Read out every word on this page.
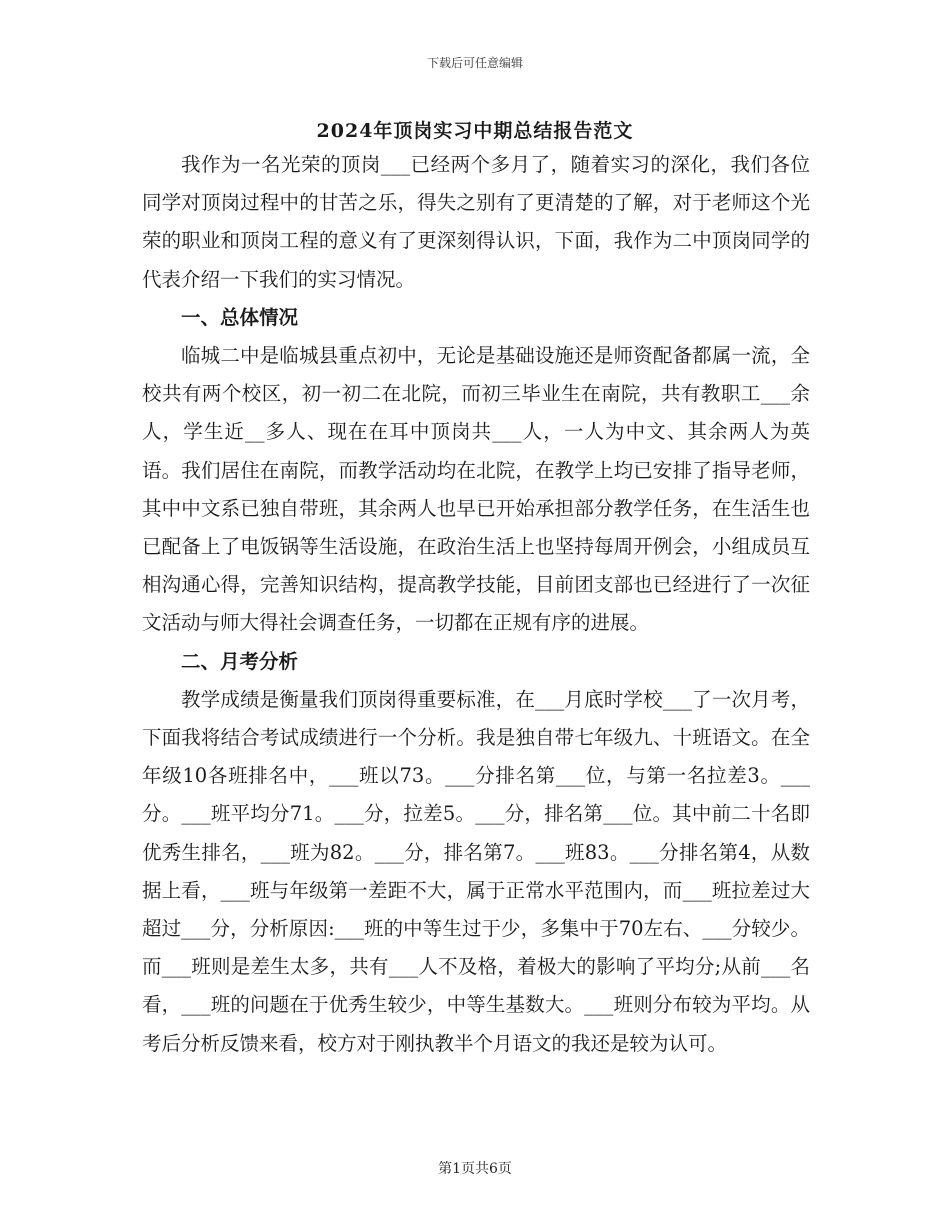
下载后可任意编辑
2024年顶岗实习中期总结报告范文

我作为一名光荣的顶岗___已经两个多月了，随着实习的深化，我们各位同学对顶岗过程中的甘苦之乐，得失之别有了更清楚的了解，对于老师这个光荣的职业和顶岗工程的意义有了更深刻得认识，下面，我作为二中顶岗同学的代表介绍一下我们的实习情况。

一、总体情况

临城二中是临城县重点初中，无论是基础设施还是师资配备都属一流，全校共有两个校区，初一初二在北院，而初三毕业生在南院，共有教职工___余人，学生近__多人、现在在耳中顶岗共___人，一人为中文、其余两人为英语。我们居住在南院，而教学活动均在北院，在教学上均已安排了指导老师，其中中文系已独自带班，其余两人也早已开始承担部分教学任务，在生活生也已配备上了电饭锅等生活设施，在政治生活上也坚持每周开例会，小组成员互相沟通心得，完善知识结构，提高教学技能，目前团支部也已经进行了一次征文活动与师大得社会调查任务，一切都在正规有序的进展。

二、月考分析

教学成绩是衡量我们顶岗得重要标准，在___月底时学校___了一次月考，下面我将结合考试成绩进行一个分析。我是独自带七年级九、十班语文。在全年级10各班排名中，___班以73。___分排名第___位，与第一名拉差3。___分。___班平均分71。___分，拉差5。___分，排名第___位。其中前二十名即优秀生排名，___班为82。___分，排名第7。___班83。___分排名第4，从数据上看，___班与年级第一差距不大，属于正常水平范围内，而___班拉差过大超过___分，分析原因:___班的中等生过于少，多集中于70左右、___分较少。而___班则是差生太多，共有___人不及格，着极大的影响了平均分;从前___名看，___班的问题在于优秀生较少，中等生基数大。___班则分布较为平均。从考后分析反馈来看，校方对于刚执教半个月语文的我还是较为认可。

第1页共6页
